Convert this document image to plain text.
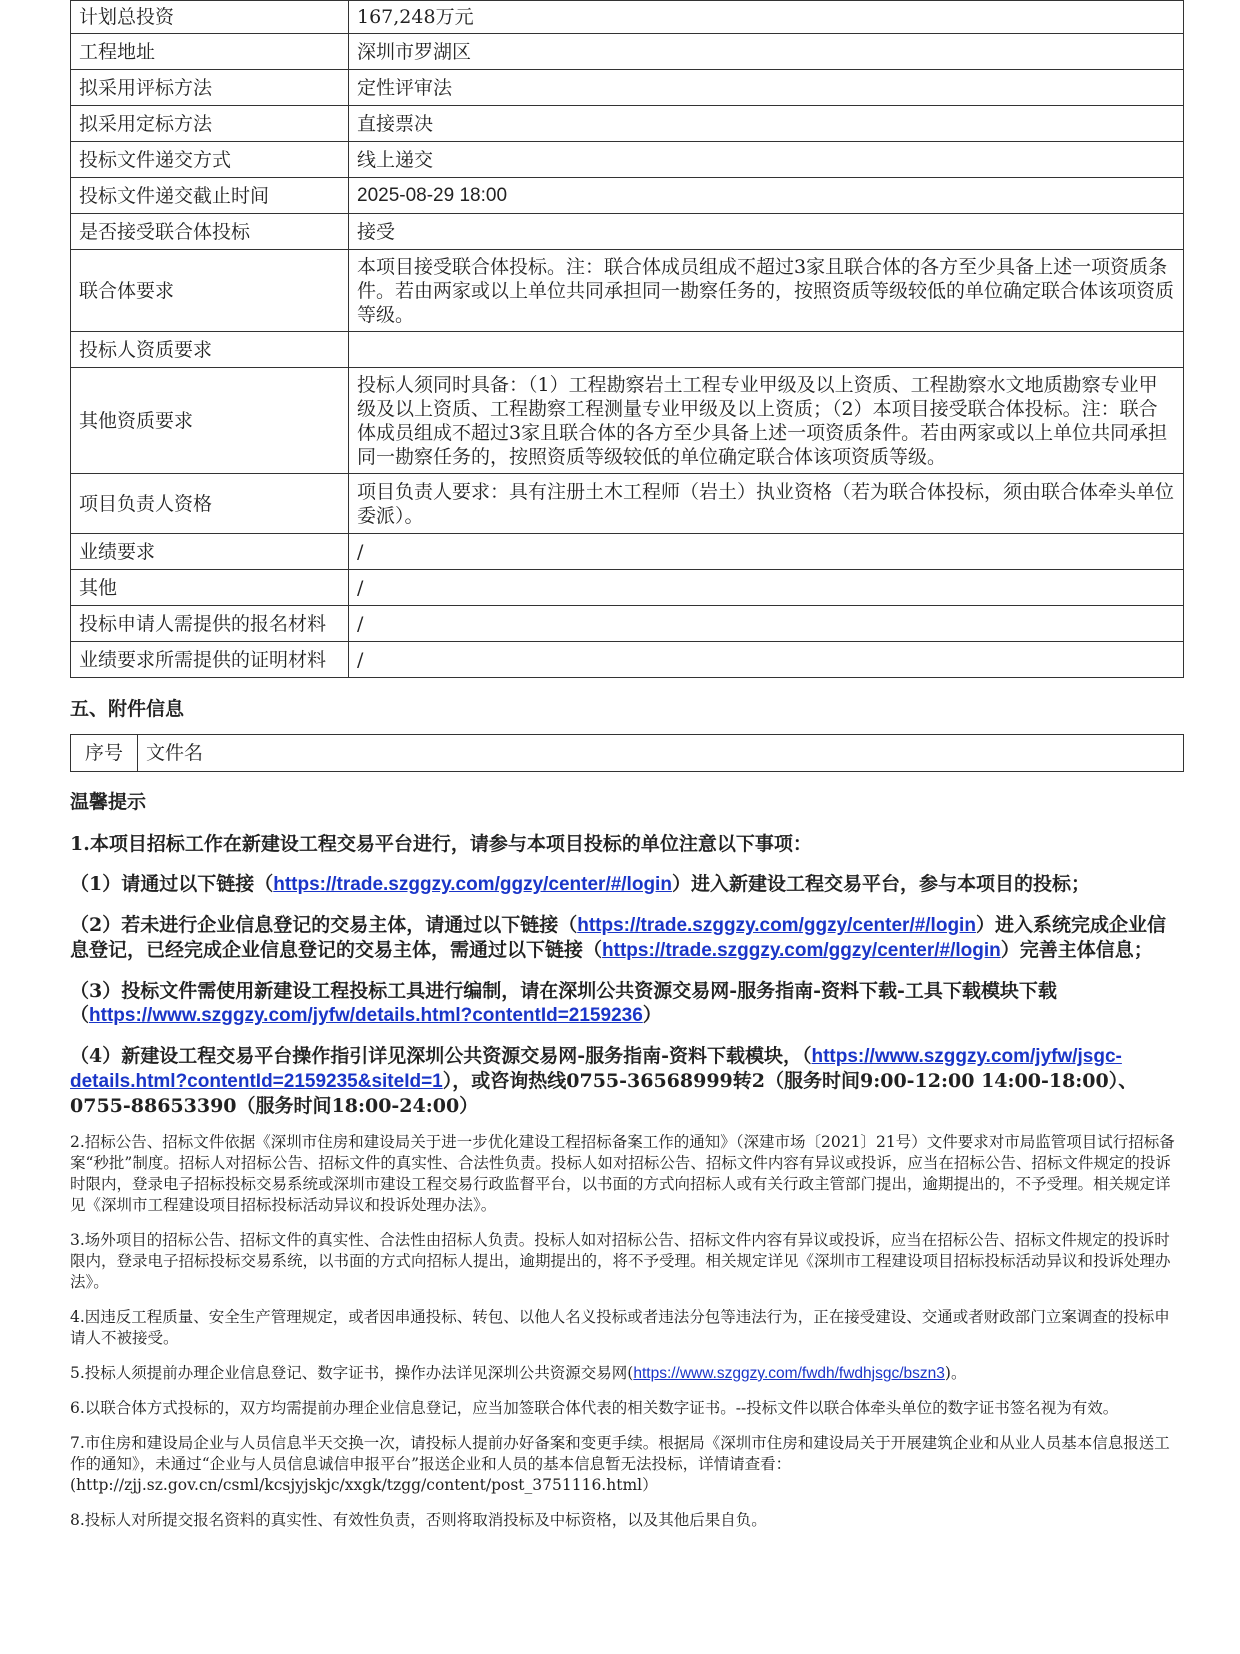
计划总投资	167,248万元
工程地址	深圳市罗湖区
拟采用评标方法	定性评审法
拟采用定标方法	直接票决
投标文件递交方式	线上递交
投标文件递交截止时间	2025-08-29 18:00
是否接受联合体投标	接受
联合体要求	本项目接受联合体投标。注：联合体成员组成不超过3家且联合体的各方至少具备上述一项资质条件。若由两家或以上单位共同承担同一勘察任务的，按照资质等级较低的单位确定联合体该项资质等级。
投标人资质要求	
其他资质要求	投标人须同时具备：（1）工程勘察岩土工程专业甲级及以上资质、工程勘察水文地质勘察专业甲级及以上资质、工程勘察工程测量专业甲级及以上资质；（2）本项目接受联合体投标。注：联合体成员组成不超过3家且联合体的各方至少具备上述一项资质条件。若由两家或以上单位共同承担同一勘察任务的，按照资质等级较低的单位确定联合体该项资质等级。
项目负责人资格	项目负责人要求：具有注册土木工程师（岩土）执业资格（若为联合体投标，须由联合体牵头单位委派）。
业绩要求	/
其他	/
投标申请人需提供的报名材料	/
业绩要求所需提供的证明材料	/
五、附件信息
序号	文件名
温馨提示
1.本项目招标工作在新建设工程交易平台进行，请参与本项目投标的单位注意以下事项：
（1）请通过以下链接（https://trade.szggzy.com/ggzy/center/#/login）进入新建设工程交易平台，参与本项目的投标；
（2）若未进行企业信息登记的交易主体，请通过以下链接（https://trade.szggzy.com/ggzy/center/#/login）进入系统完成企业信息登记，已经完成企业信息登记的交易主体，需通过以下链接（https://trade.szggzy.com/ggzy/center/#/login）完善主体信息；
（3）投标文件需使用新建设工程投标工具进行编制，请在深圳公共资源交易网-服务指南-资料下载-工具下载模块下载（https://www.szggzy.com/jyfw/details.html?contentId=2159236）
（4）新建设工程交易平台操作指引详见深圳公共资源交易网-服务指南-资料下载模块，（https://www.szggzy.com/jyfw/jsgc-details.html?contentId=2159235&siteId=1），或咨询热线0755-36568999转2（服务时间9:00-12:00 14:00-18:00）、0755-88653390（服务时间18:00-24:00）
2.招标公告、招标文件依据《深圳市住房和建设局关于进一步优化建设工程招标备案工作的通知》（深建市场〔2021〕21号）文件要求对市局监管项目试行招标备案“秒批”制度。招标人对招标公告、招标文件的真实性、合法性负责。投标人如对招标公告、招标文件内容有异议或投诉，应当在招标公告、招标文件规定的投诉时限内，登录电子招标投标交易系统或深圳市建设工程交易行政监督平台，以书面的方式向招标人或有关行政主管部门提出，逾期提出的，不予受理。相关规定详见《深圳市工程建设项目招标投标活动异议和投诉处理办法》。
3.场外项目的招标公告、招标文件的真实性、合法性由招标人负责。投标人如对招标公告、招标文件内容有异议或投诉，应当在招标公告、招标文件规定的投诉时限内，登录电子招标投标交易系统，以书面的方式向招标人提出，逾期提出的，将不予受理。相关规定详见《深圳市工程建设项目招标投标活动异议和投诉处理办法》。
4.因违反工程质量、安全生产管理规定，或者因串通投标、转包、以他人名义投标或者违法分包等违法行为，正在接受建设、交通或者财政部门立案调查的投标申请人不被接受。
5.投标人须提前办理企业信息登记、数字证书，操作办法详见深圳公共资源交易网(https://www.szggzy.com/fwdh/fwdhjsgc/bszn3)。
6.以联合体方式投标的，双方均需提前办理企业信息登记，应当加签联合体代表的相关数字证书。--投标文件以联合体牵头单位的数字证书签名视为有效。
7.市住房和建设局企业与人员信息半天交换一次，请投标人提前办好备案和变更手续。根据局《深圳市住房和建设局关于开展建筑企业和从业人员基本信息报送工作的通知》，未通过“企业与人员信息诚信申报平台”报送企业和人员的基本信息暂无法投标，详情请查看：(http://zjj.sz.gov.cn/csml/kcsjyjskjc/xxgk/tzgg/content/post_3751116.html）
8.投标人对所提交报名资料的真实性、有效性负责，否则将取消投标及中标资格，以及其他后果自负。
